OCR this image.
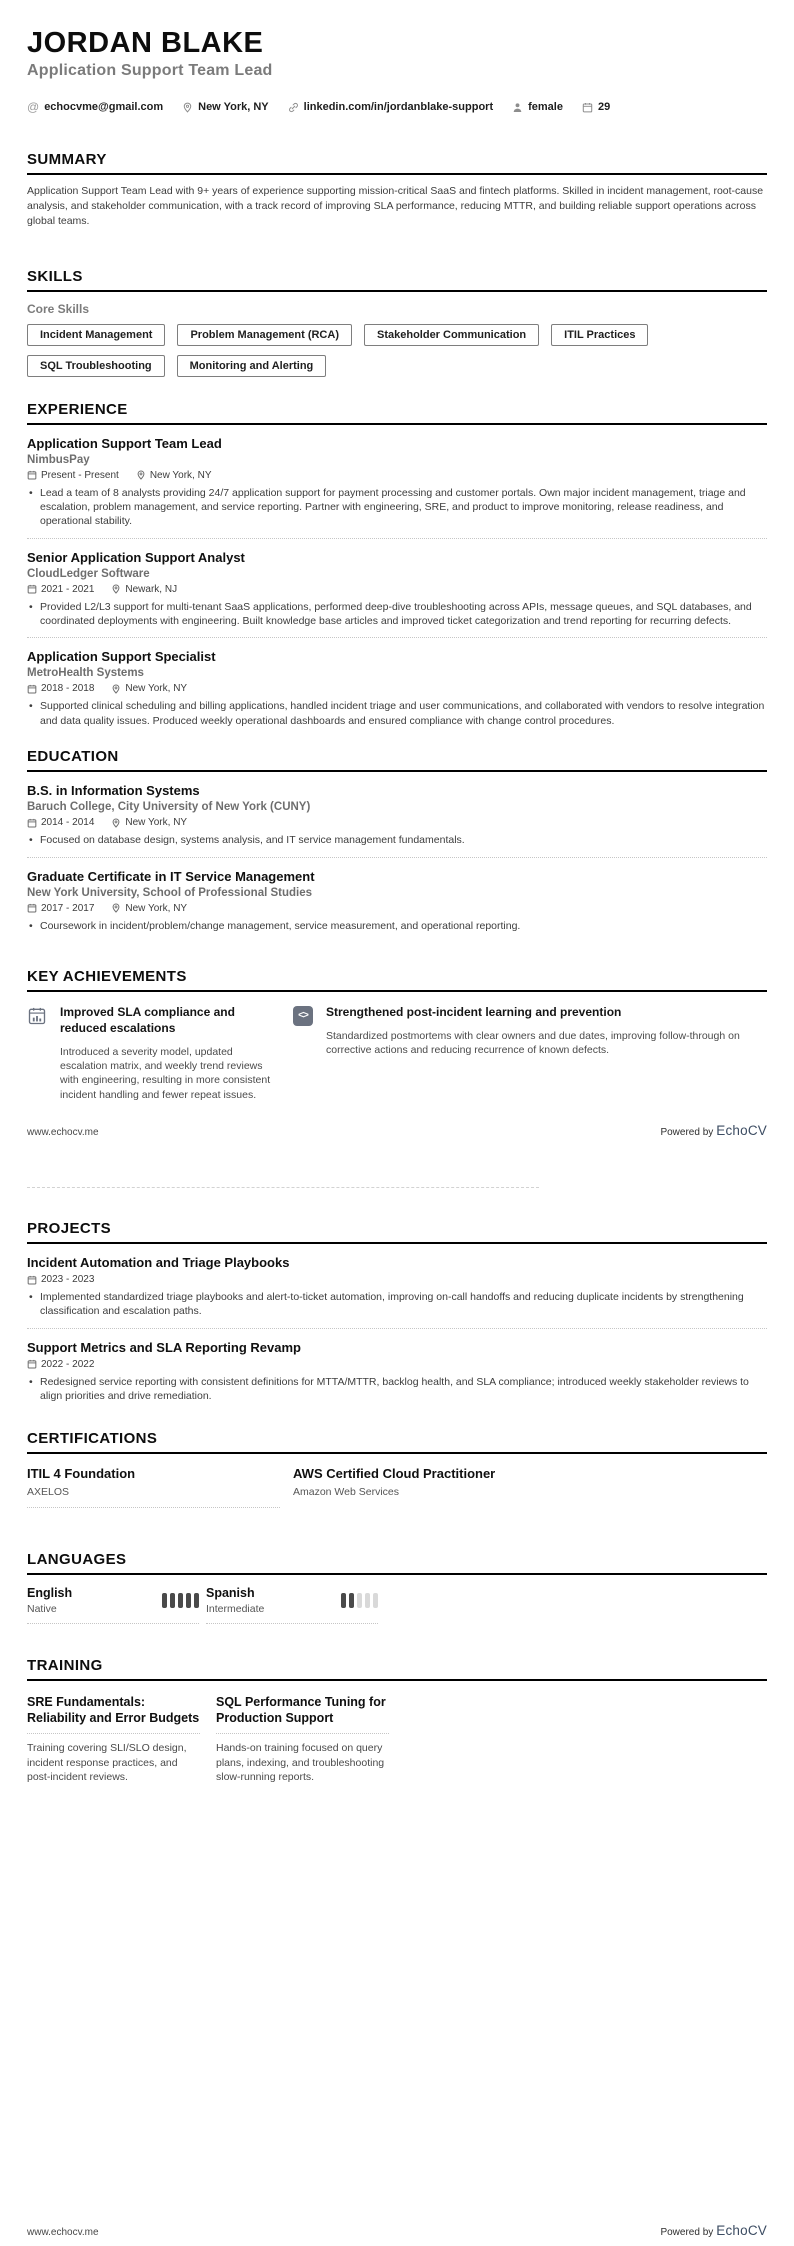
JORDAN BLAKE
Application Support Team Lead
@ echocvme@gmail.com	New York, NY	linkedin.com/in/jordanblake-support	female	29
SUMMARY
Application Support Team Lead with 9+ years of experience supporting mission-critical SaaS and fintech platforms. Skilled in incident management, root-cause analysis, and stakeholder communication, with a track record of improving SLA performance, reducing MTTR, and building reliable support operations across global teams.
SKILLS
Core Skills
Incident Management	Problem Management (RCA)	Stakeholder Communication	ITIL Practices
SQL Troubleshooting	Monitoring and Alerting
EXPERIENCE
Application Support Team Lead
NimbusPay
Present - Present	New York, NY
• Lead a team of 8 analysts providing 24/7 application support for payment processing and customer portals. Own major incident management, triage and escalation, problem management, and service reporting. Partner with engineering, SRE, and product to improve monitoring, release readiness, and operational stability.
Senior Application Support Analyst
CloudLedger Software
2021 - 2021	Newark, NJ
• Provided L2/L3 support for multi-tenant SaaS applications, performed deep-dive troubleshooting across APIs, message queues, and SQL databases, and coordinated deployments with engineering. Built knowledge base articles and improved ticket categorization and trend reporting for recurring defects.
Application Support Specialist
MetroHealth Systems
2018 - 2018	New York, NY
• Supported clinical scheduling and billing applications, handled incident triage and user communications, and collaborated with vendors to resolve integration and data quality issues. Produced weekly operational dashboards and ensured compliance with change control procedures.
EDUCATION
B.S. in Information Systems
Baruch College, City University of New York (CUNY)
2014 - 2014	New York, NY
• Focused on database design, systems analysis, and IT service management fundamentals.
Graduate Certificate in IT Service Management
New York University, School of Professional Studies
2017 - 2017	New York, NY
• Coursework in incident/problem/change management, service measurement, and operational reporting.
KEY ACHIEVEMENTS
Improved SLA compliance and reduced escalations
Introduced a severity model, updated escalation matrix, and weekly trend reviews with engineering, resulting in more consistent incident handling and fewer repeat issues.
<>	Strengthened post-incident learning and prevention
Standardized postmortems with clear owners and due dates, improving follow-through on corrective actions and reducing recurrence of known defects.
www.echocv.me	Powered by EchoCV
PROJECTS
Incident Automation and Triage Playbooks
2023 - 2023
• Implemented standardized triage playbooks and alert-to-ticket automation, improving on-call handoffs and reducing duplicate incidents by strengthening classification and escalation paths.
Support Metrics and SLA Reporting Revamp
2022 - 2022
• Redesigned service reporting with consistent definitions for MTTA/MTTR, backlog health, and SLA compliance; introduced weekly stakeholder reviews to align priorities and drive remediation.
CERTIFICATIONS
ITIL 4 Foundation
AXELOS
AWS Certified Cloud Practitioner
Amazon Web Services
LANGUAGES
English
Native
Spanish
Intermediate
TRAINING
SRE Fundamentals: Reliability and Error Budgets
Training covering SLI/SLO design, incident response practices, and post-incident reviews.
SQL Performance Tuning for Production Support
Hands-on training focused on query plans, indexing, and troubleshooting slow-running reports.
www.echocv.me	Powered by EchoCV
